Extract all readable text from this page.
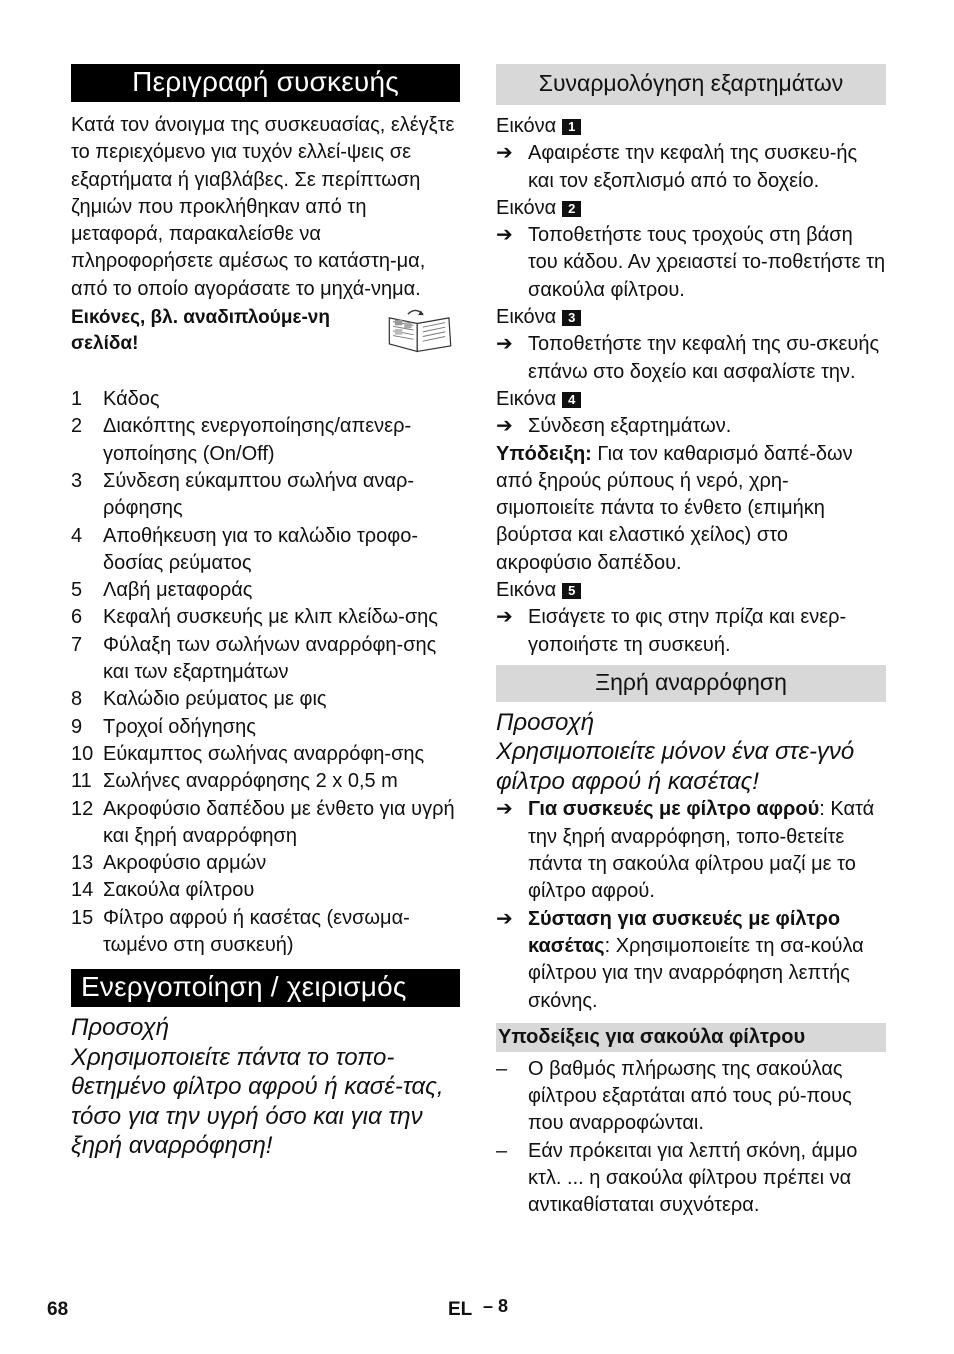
Περιγραφή συσκευής

Κατά τον άνοιγμα της συσκευασίας, ελέγξτε το περιεχόμενο για τυχόν ελλεί-ψεις σε εξαρτήματα ή γιαβλάβες. Σε περίπτωση ζημιών που προκλήθηκαν από τη μεταφορά, παρακαλείσθε να πληροφορήσετε αμέσως το κατάστη-μα, από το οποίο αγοράσατε το μηχά-νημα.

Εικόνες, βλ. αναδιπλούμε-νη σελίδα!
1	Κάδος
2	Διακόπτης ενεργοποίησης/απενερ-γοποίησης (On/Off)
3	Σύνδεση εύκαμπτου σωλήνα αναρ-ρόφησης
4	Αποθήκευση για το καλώδιο τροφο-δοσίας ρεύματος
5	Λαβή μεταφοράς
6	Κεφαλή συσκευής με κλιπ κλείδω-σης
7	Φύλαξη των σωλήνων αναρρόφη-σης και των εξαρτημάτων
8	Καλώδιο ρεύματος με φις
9	Τροχοί οδήγησης
10 Εύκαμπτος σωλήνας αναρρόφη-σης
11 Σωλήνες αναρρόφησης 2 x 0,5 m
12 Ακροφύσιο δαπέδου με ένθετο για υγρή και ξηρή αναρρόφηση
13 Ακροφύσιο αρμών
14 Σακούλα φίλτρου
15 Φίλτρο αφρού ή κασέτας (ενσωμα-τωμένο στη συσκευή)
Ενεργοποίηση / χειρισμός

Προσοχή

Χρησιμοποιείτε πάντα το τοπο-θετημένο φίλτρο αφρού ή κασέ-τας, τόσο για την υγρή όσο και για την ξηρή αναρρόφηση!

Συναρμολόγηση εξαρτημάτων
Εικόνα 1
➔ Αφαιρέστε την κεφαλή της συσκευ-ής και τον εξοπλισμό από το δοχείο.
Εικόνα 2
➔ Τοποθετήστε τους τροχούς στη βάση του κάδου. Αν χρειαστεί το-ποθετήστε τη σακούλα φίλτρου.
Εικόνα 3
➔ Τοποθετήστε την κεφαλή της συ-σκευής επάνω στο δοχείο και ασφαλίστε την.
Εικόνα 4
➔ Σύνδεση εξαρτημάτων.

Υπόδειξη: Για τον καθαρισμό δαπέ-δων από ξηρούς ρύπους ή νερό, χρη-σιμοποιείτε πάντα το ένθετο (επιμήκη βούρτσα και ελαστικό χείλος) στο ακροφύσιο δαπέδου.

Εικόνα 5
➔ Εισάγετε το φις στην πρίζα και ενερ-γοποιήστε τη συσκευή.
Ξηρή αναρρόφηση

Προσοχή

Χρησιμοποιείτε μόνον ένα στε-γνό φίλτρο αφρού ή κασέτας!

➔ Για συσκευές με φίλτρο αφρού: Κατά την ξηρή αναρρόφηση, τοπο-θετείτε πάντα τη σακούλα φίλτρου μαζί με το φίλτρο αφρού.
➔ Σύσταση για συσκευές με φίλτρο κασέτας: Χρησιμοποιείτε τη σα-κούλα φίλτρου για την αναρρόφηση λεπτής σκόνης.
Υποδείξεις για σακούλα φίλτρου
–	Ο βαθμός πλήρωσης της σακούλας φίλτρου εξαρτάται από τους ρύ-πους που αναρροφώνται.
–	Εάν πρόκειται για λεπτή σκόνη, άμμο κτλ. ... η σακούλα φίλτρου πρέπει να αντικαθίσταται συχνότερα.
68	EL – 8
